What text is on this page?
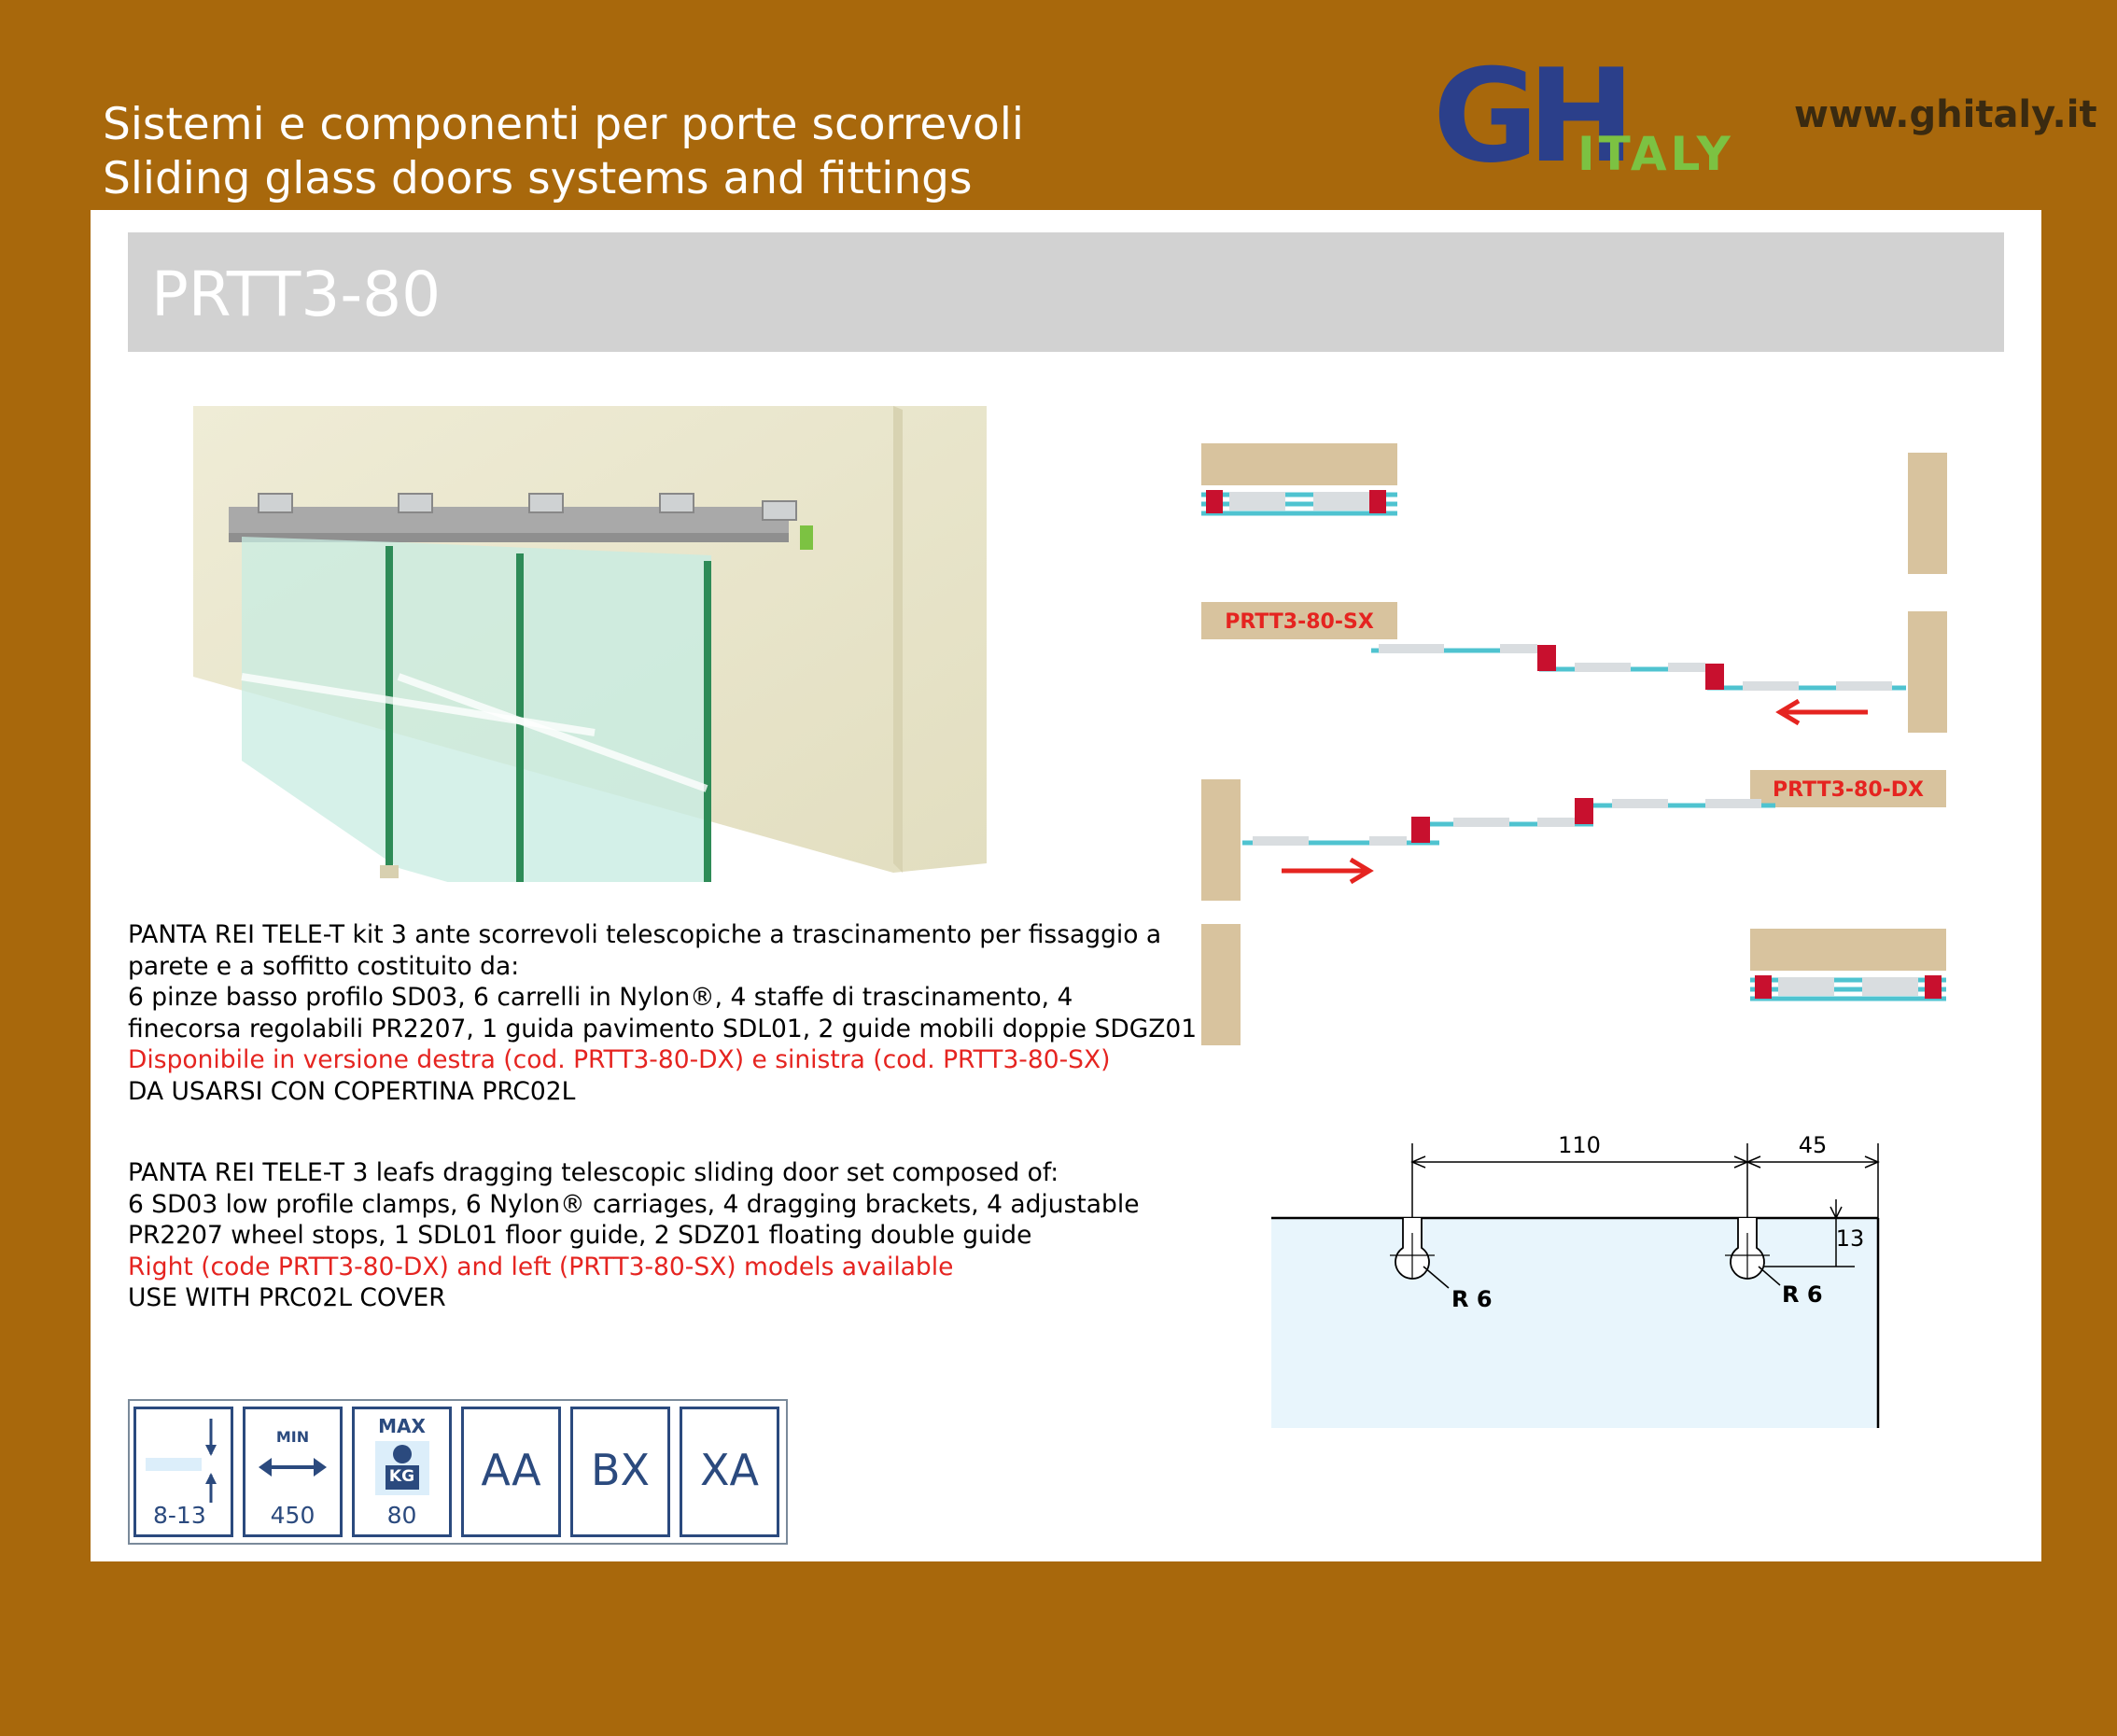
Sistemi e componenti per porte scorrevoli
Sliding glass doors systems and fittings	GH
ITALY
www.ghitaly.it
PRTT3-80
PANTA REI TELE-T kit 3 ante scorrevoli telescopiche a trascinamento per fissaggio a
parete e a soffitto costituito da:
6 pinze basso profilo SD03, 6 carrelli in Nylon®, 4 staffe di trascinamento, 4
finecorsa regolabili PR2207, 1 guida pavimento SDL01, 2 guide mobili doppie SDGZ01
Disponibile in versione destra (cod. PRTT3-80-DX) e sinistra (cod. PRTT3-80-SX)
DA USARSI CON COPERTINA PRC02L
PANTA REI TELE-T 3 leafs dragging telescopic sliding door set composed of:
6 SD03 low profile clamps, 6 Nylon® carriages, 4 dragging brackets, 4 adjustable
PR2207 wheel stops, 1 SDL01 floor guide, 2 SDZ01 floating double guide
Right (code PRTT3-80-DX) and left (PRTT3-80-SX) models available
USE WITH PRC02L COVER
PRTT3-80-SX
PRTT3-80-DX
110	45
13
R 6	R 6
8-13
MIN
450
MAX
KG
80
AA	BX	XA
